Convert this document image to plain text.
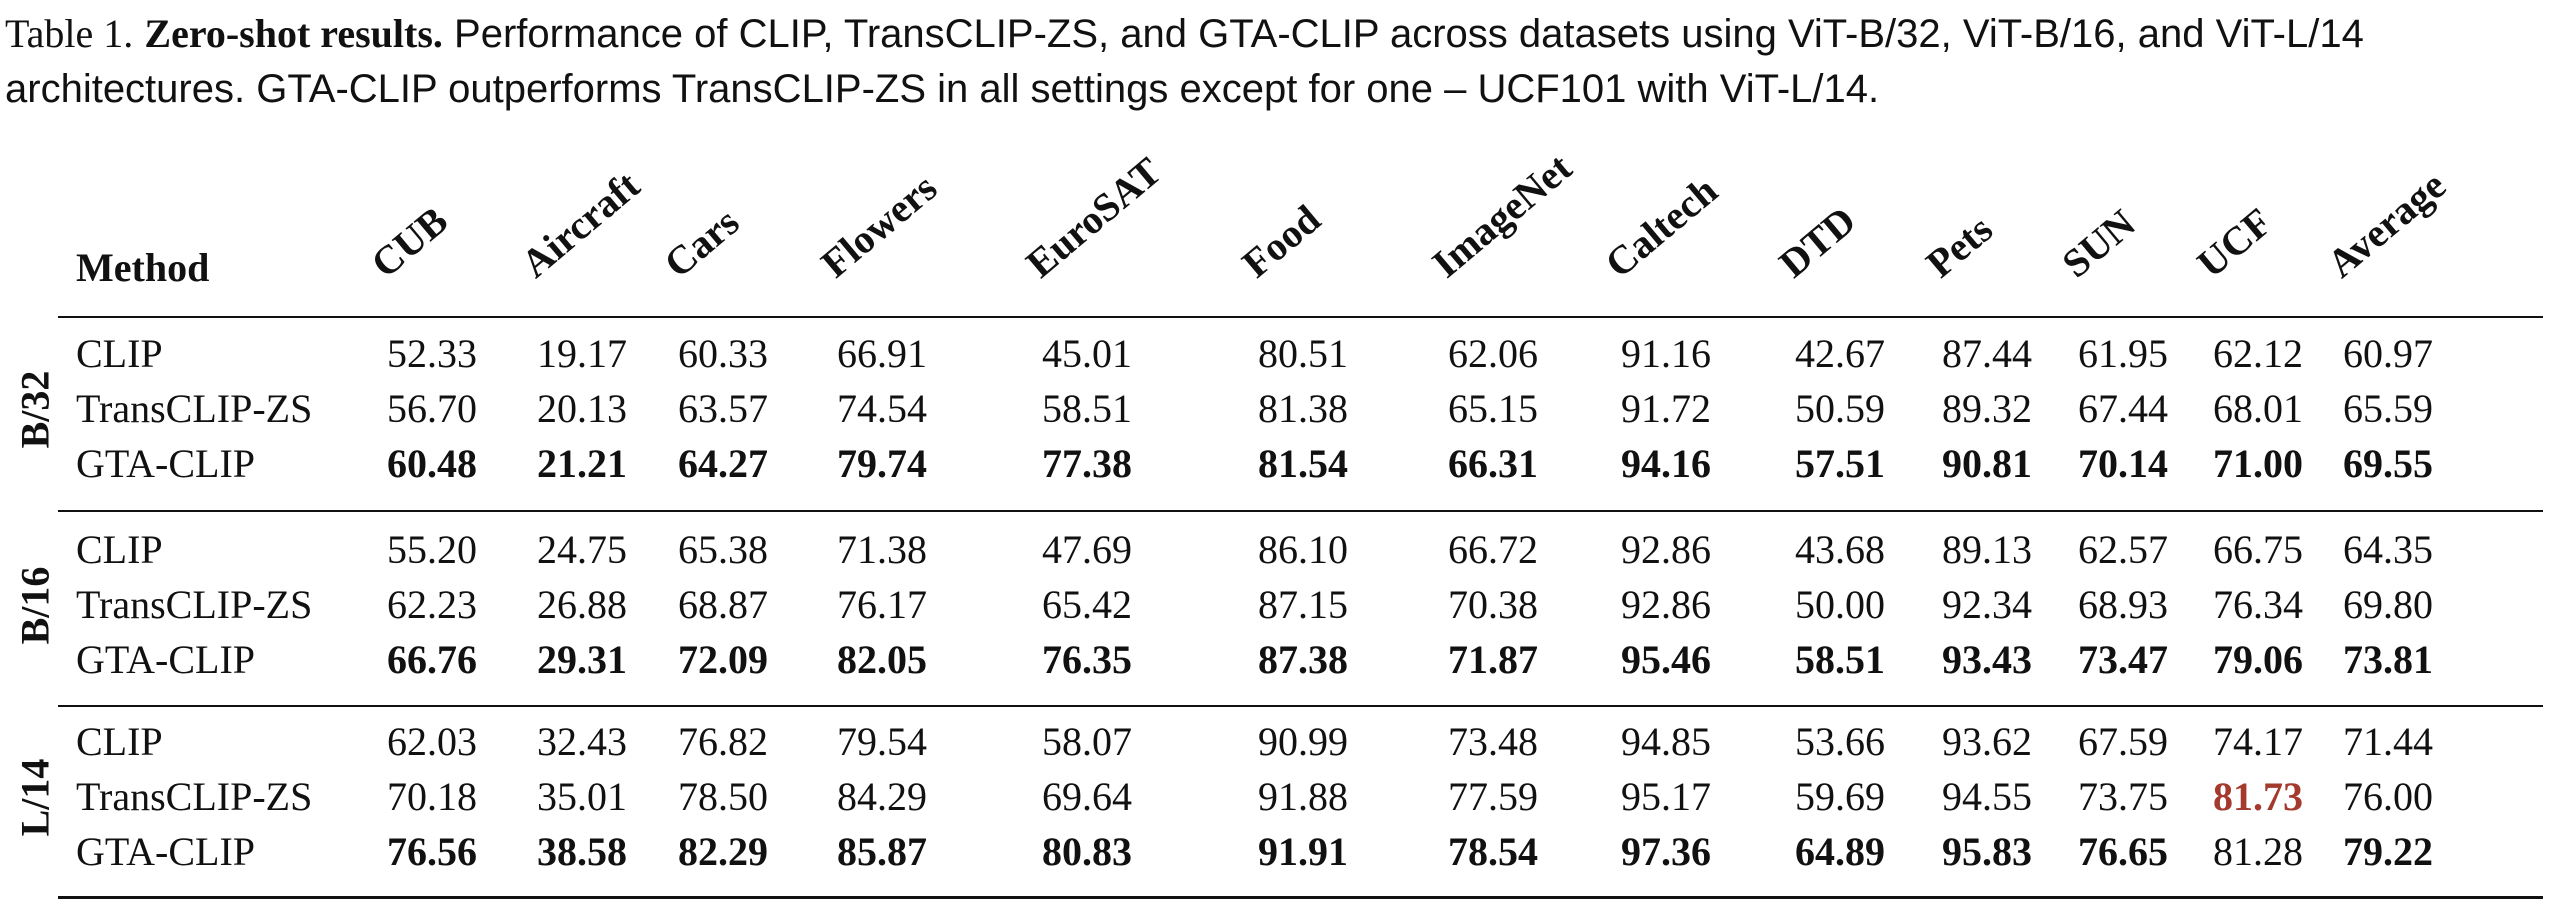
Table 1. Zero-shot results. Performance of CLIP, TransCLIP-ZS, and GTA-CLIP across datasets using ViT-B/32, ViT-B/16, and ViT-L/14 architectures. GTA-CLIP outperforms TransCLIP-ZS in all settings except for one – UCF101 with ViT-L/14.
Method	CUB Aircraft Cars Flowers EuroSAT Food ImageNet Caltech DTD Pets SUN UCF Average
B/32
CLIP	52.33	19.17	60.33	66.91	45.01	80.51	62.06	91.16	42.67	87.44	61.95	62.12	60.97
TransCLIP-ZS	56.70	20.13	63.57	74.54	58.51	81.38	65.15	91.72	50.59	89.32	67.44	68.01	65.59
GTA-CLIP	60.48	21.21	64.27	79.74	77.38	81.54	66.31	94.16	57.51	90.81	70.14	71.00	69.55
B/16
CLIP	55.20	24.75	65.38	71.38	47.69	86.10	66.72	92.86	43.68	89.13	62.57	66.75	64.35
TransCLIP-ZS	62.23	26.88	68.87	76.17	65.42	87.15	70.38	92.86	50.00	92.34	68.93	76.34	69.80
GTA-CLIP	66.76	29.31	72.09	82.05	76.35	87.38	71.87	95.46	58.51	93.43	73.47	79.06	73.81
L/14
CLIP	62.03	32.43	76.82	79.54	58.07	90.99	73.48	94.85	53.66	93.62	67.59	74.17	71.44
TransCLIP-ZS	70.18	35.01	78.50	84.29	69.64	91.88	77.59	95.17	59.69	94.55	73.75	81.73	76.00
GTA-CLIP	76.56	38.58	82.29	85.87	80.83	91.91	78.54	97.36	64.89	95.83	76.65	81.28	79.22
